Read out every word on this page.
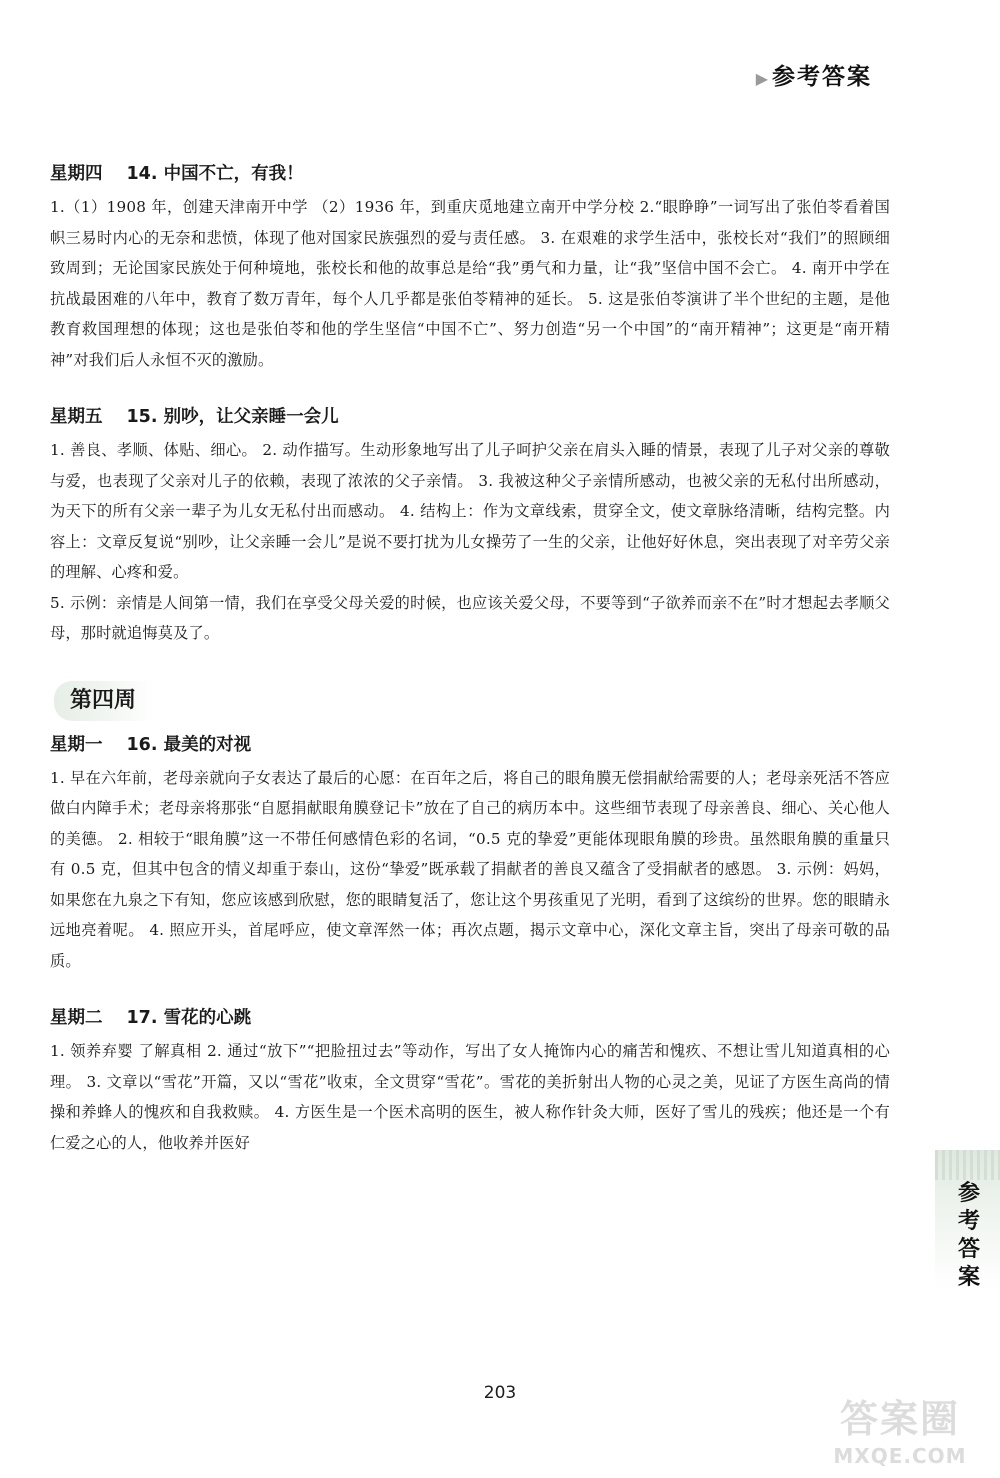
▶参考答案
星期四 14. 中国不亡，有我！

1.（1）1908 年，创建天津南开中学 （2）1936 年，到重庆觅地建立南开中学分校 2.“眼睁睁”一词写出了张伯苓看着国帜三易时内心的无奈和悲愤，体现了他对国家民族强烈的爱与责任感。 3. 在艰难的求学生活中，张校长对“我们”的照顾细致周到；无论国家民族处于何种境地，张校长和他的故事总是给“我”勇气和力量，让“我”坚信中国不会亡。 4. 南开中学在抗战最困难的八年中，教育了数万青年，每个人几乎都是张伯苓精神的延长。 5. 这是张伯苓演讲了半个世纪的主题，是他教育救国理想的体现；这也是张伯苓和他的学生坚信“中国不亡”、努力创造“另一个中国”的“南开精神”；这更是“南开精神”对我们后人永恒不灭的激励。

星期五 15. 别吵，让父亲睡一会儿

1. 善良、孝顺、体贴、细心。 2. 动作描写。生动形象地写出了儿子呵护父亲在肩头入睡的情景，表现了儿子对父亲的尊敬与爱，也表现了父亲对儿子的依赖，表现了浓浓的父子亲情。 3. 我被这种父子亲情所感动，也被父亲的无私付出所感动，为天下的所有父亲一辈子为儿女无私付出而感动。 4. 结构上：作为文章线索，贯穿全文，使文章脉络清晰，结构完整。内容上：文章反复说“别吵，让父亲睡一会儿”是说不要打扰为儿女操劳了一生的父亲，让他好好休息，突出表现了对辛劳父亲的理解、心疼和爱。

5. 示例：亲情是人间第一情，我们在享受父母关爱的时候，也应该关爱父母，不要等到“子欲养而亲不在”时才想起去孝顺父母，那时就追悔莫及了。

第四周
星期一 16. 最美的对视

1. 早在六年前，老母亲就向子女表达了最后的心愿：在百年之后，将自己的眼角膜无偿捐献给需要的人；老母亲死活不答应做白内障手术；老母亲将那张“自愿捐献眼角膜登记卡”放在了自己的病历本中。这些细节表现了母亲善良、细心、关心他人的美德。 2. 相较于“眼角膜”这一不带任何感情色彩的名词，“0.5 克的挚爱”更能体现眼角膜的珍贵。虽然眼角膜的重量只有 0.5 克，但其中包含的情义却重于泰山，这份“挚爱”既承载了捐献者的善良又蕴含了受捐献者的感恩。 3. 示例：妈妈，如果您在九泉之下有知，您应该感到欣慰，您的眼睛复活了，您让这个男孩重见了光明，看到了这缤纷的世界。您的眼睛永远地亮着呢。 4. 照应开头，首尾呼应，使文章浑然一体；再次点题，揭示文章中心，深化文章主旨，突出了母亲可敬的品质。

星期二 17. 雪花的心跳

1. 领养弃婴 了解真相 2. 通过“放下”“把脸扭过去”等动作，写出了女人掩饰内心的痛苦和愧疚、不想让雪儿知道真相的心理。 3. 文章以“雪花”开篇，又以“雪花”收束，全文贯穿“雪花”。雪花的美折射出人物的心灵之美，见证了方医生高尚的情操和养蜂人的愧疚和自我救赎。 4. 方医生是一个医术高明的医生，被人称作针灸大师，医好了雪儿的残疾；他还是一个有仁爱之心的人，他收养并医好

参考答案
203
答案圈
MXQE.COM
